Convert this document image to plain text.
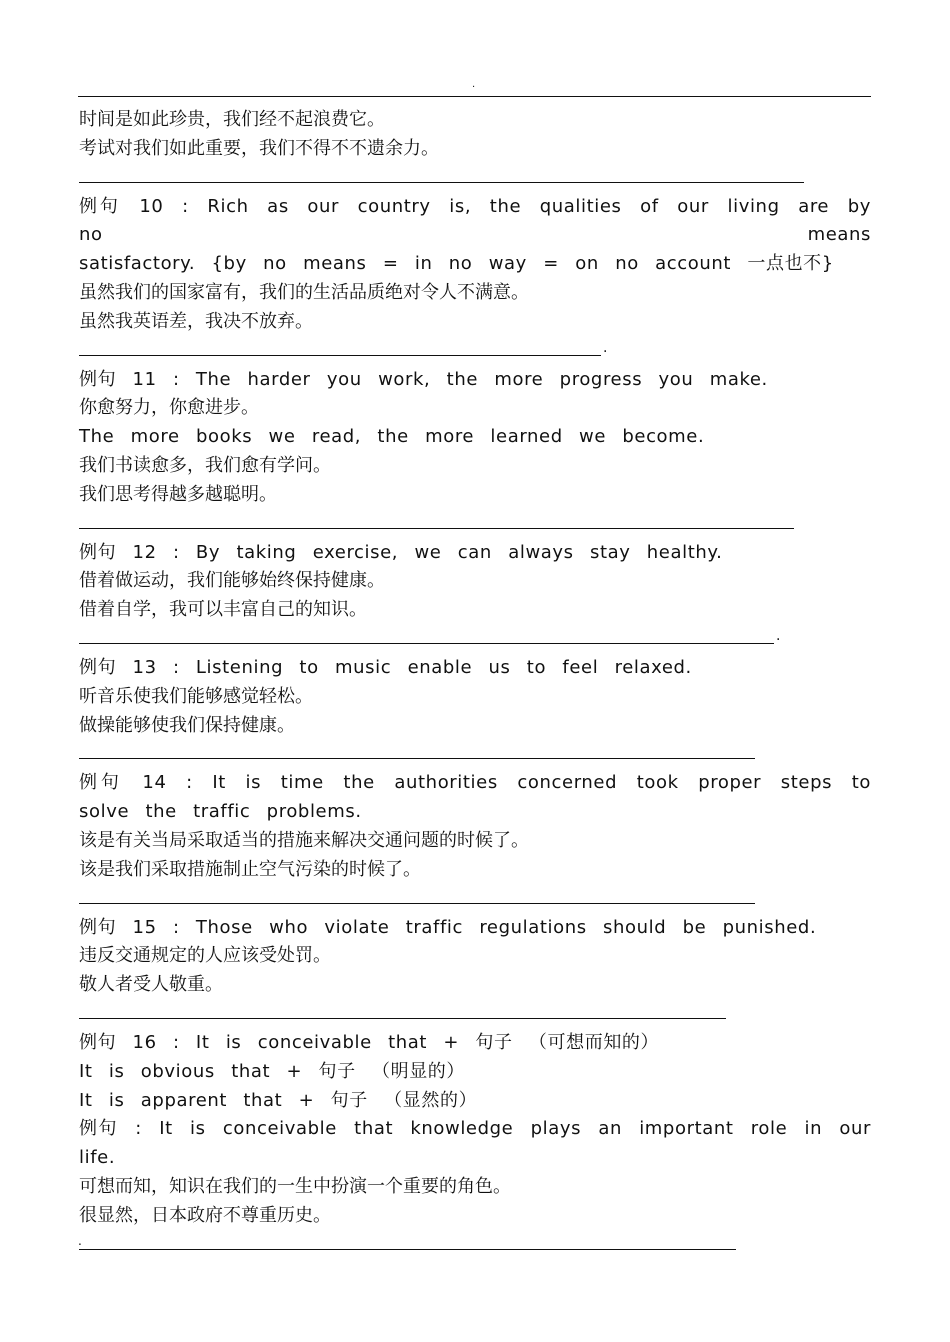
.
时间是如此珍贵，我们经不起浪费它。
考试对我们如此重要，我们不得不不遗余力。
例句 10 : Rich as our country is, the qualities of our living are by no means
satisfactory. {by no means = in no way = on no account 一点也不}
虽然我们的国家富有，我们的生活品质绝对令人不满意。
虽然我英语差，我决不放弃。
.
例句 11 : The harder you work, the more progress you make.
你愈努力，你愈进步。
The more books we read, the more learned we become.
我们书读愈多，我们愈有学问。
我们思考得越多越聪明。
例句 12 : By taking exercise, we can always stay healthy.
借着做运动，我们能够始终保持健康。
借着自学，我可以丰富自己的知识。
.
例句 13 : Listening to music enable us to feel relaxed.
听音乐使我们能够感觉轻松。
做操能够使我们保持健康。
例句 14 : It is time the authorities concerned took proper steps to
solve the traffic problems.
该是有关当局采取适当的措施来解决交通问题的时候了。
该是我们采取措施制止空气污染的时候了。
例句 15 : Those who violate traffic regulations should be punished.
违反交通规定的人应该受处罚。
敬人者受人敬重。
例句 16 : It is conceivable that + 句子 （可想而知的）
It is obvious that + 句子 （明显的）
It is apparent that + 句子 （显然的）
例句 : It is conceivable that knowledge plays an important role in our
life.
可想而知，知识在我们的一生中扮演一个重要的角色。
很显然，日本政府不尊重历史。
.
